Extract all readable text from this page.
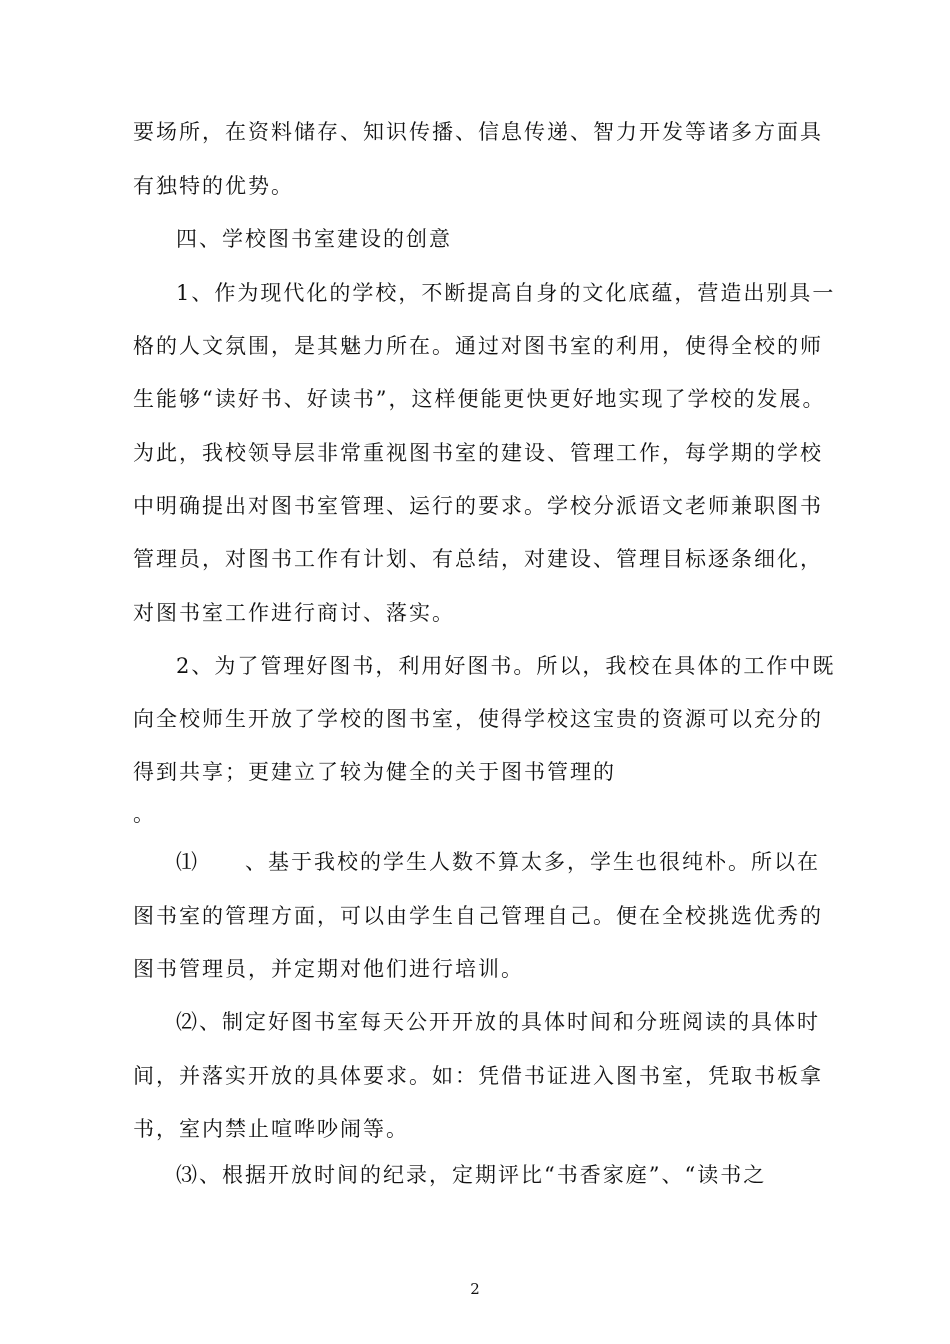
要场所，在资料储存、知识传播、信息传递、智力开发等诸多方面具
有独特的优势。
四、学校图书室建设的创意
1、作为现代化的学校，不断提高自身的文化底蕴，营造出别具一
格的人文氛围，是其魅力所在。通过对图书室的利用，使得全校的师
生能够“读好书、好读书”，这样便能更快更好地实现了学校的发展。
为此，我校领导层非常重视图书室的建设、管理工作，每学期的学校
中明确提出对图书室管理、运行的要求。学校分派语文老师兼职图书
管理员，对图书工作有计划、有总结，对建设、管理目标逐条细化，
对图书室工作进行商讨、落实。
2、为了管理好图书，利用好图书。所以，我校在具体的工作中既
向全校师生开放了学校的图书室，使得学校这宝贵的资源可以充分的
得到共享；更建立了较为健全的关于图书管理的
。
⑴　　、基于我校的学生人数不算太多，学生也很纯朴。所以在
图书室的管理方面，可以由学生自己管理自己。便在全校挑选优秀的
图书管理员，并定期对他们进行培训。
⑵、制定好图书室每天公开开放的具体时间和分班阅读的具体时
间，并落实开放的具体要求。如：凭借书证进入图书室，凭取书板拿
书，室内禁止喧哗吵闹等。
⑶、根据开放时间的纪录，定期评比“书香家庭”、“读书之
2
